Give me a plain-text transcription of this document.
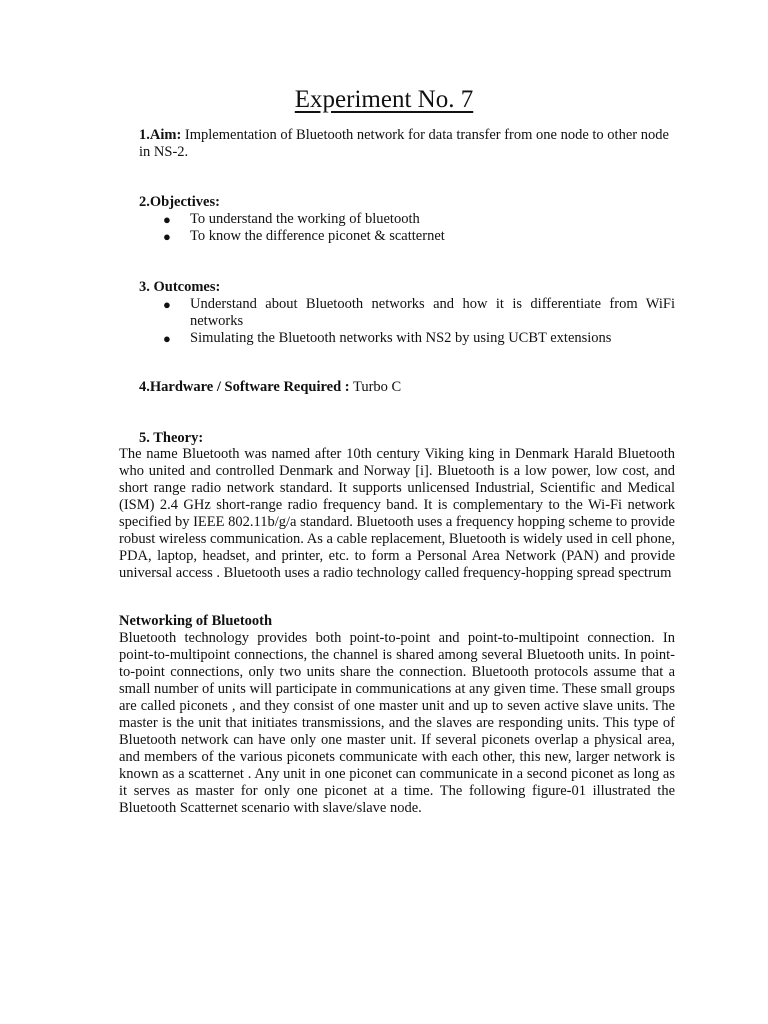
Experiment No. 7
1.Aim: Implementation of Bluetooth network for data transfer from one node to other node in NS-2.
2.Objectives:
● To understand the working of bluetooth
● To know the difference piconet & scatternet
3. Outcomes:
● Understand about Bluetooth networks and how it is differentiate from WiFi networks
● Simulating the Bluetooth networks with NS2 by using UCBT extensions
4.Hardware / Software Required : Turbo C
5. Theory:
The name Bluetooth was named after 10th century Viking king in Denmark Harald Bluetooth who united and controlled Denmark and Norway [i]. Bluetooth is a low power, low cost, and short range radio network standard. It supports unlicensed Industrial, Scientific and Medical (ISM) 2.4 GHz short-range radio frequency band. It is complementary to the Wi-Fi network specified by IEEE 802.11b/g/a standard. Bluetooth uses a frequency hopping scheme to provide robust wireless communication. As a cable replacement, Bluetooth is widely used in cell phone, PDA, laptop, headset, and printer, etc. to form a Personal Area Network (PAN) and provide universal access . Bluetooth uses a radio technology called frequency-hopping spread spectrum
Networking of Bluetooth
Bluetooth technology provides both point-to-point and point-to-multipoint connection. In point-to-multipoint connections, the channel is shared among several Bluetooth units. In point-to-point connections, only two units share the connection. Bluetooth protocols assume that a small number of units will participate in communications at any given time. These small groups are called piconets , and they consist of one master unit and up to seven active slave units. The master is the unit that initiates transmissions, and the slaves are responding units. This type of Bluetooth network can have only one master unit. If several piconets overlap a physical area, and members of the various piconets communicate with each other, this new, larger network is known as a scatternet . Any unit in one piconet can communicate in a second piconet as long as it serves as master for only one piconet at a time. The following figure-01 illustrated the Bluetooth Scatternet scenario with slave/slave node.
